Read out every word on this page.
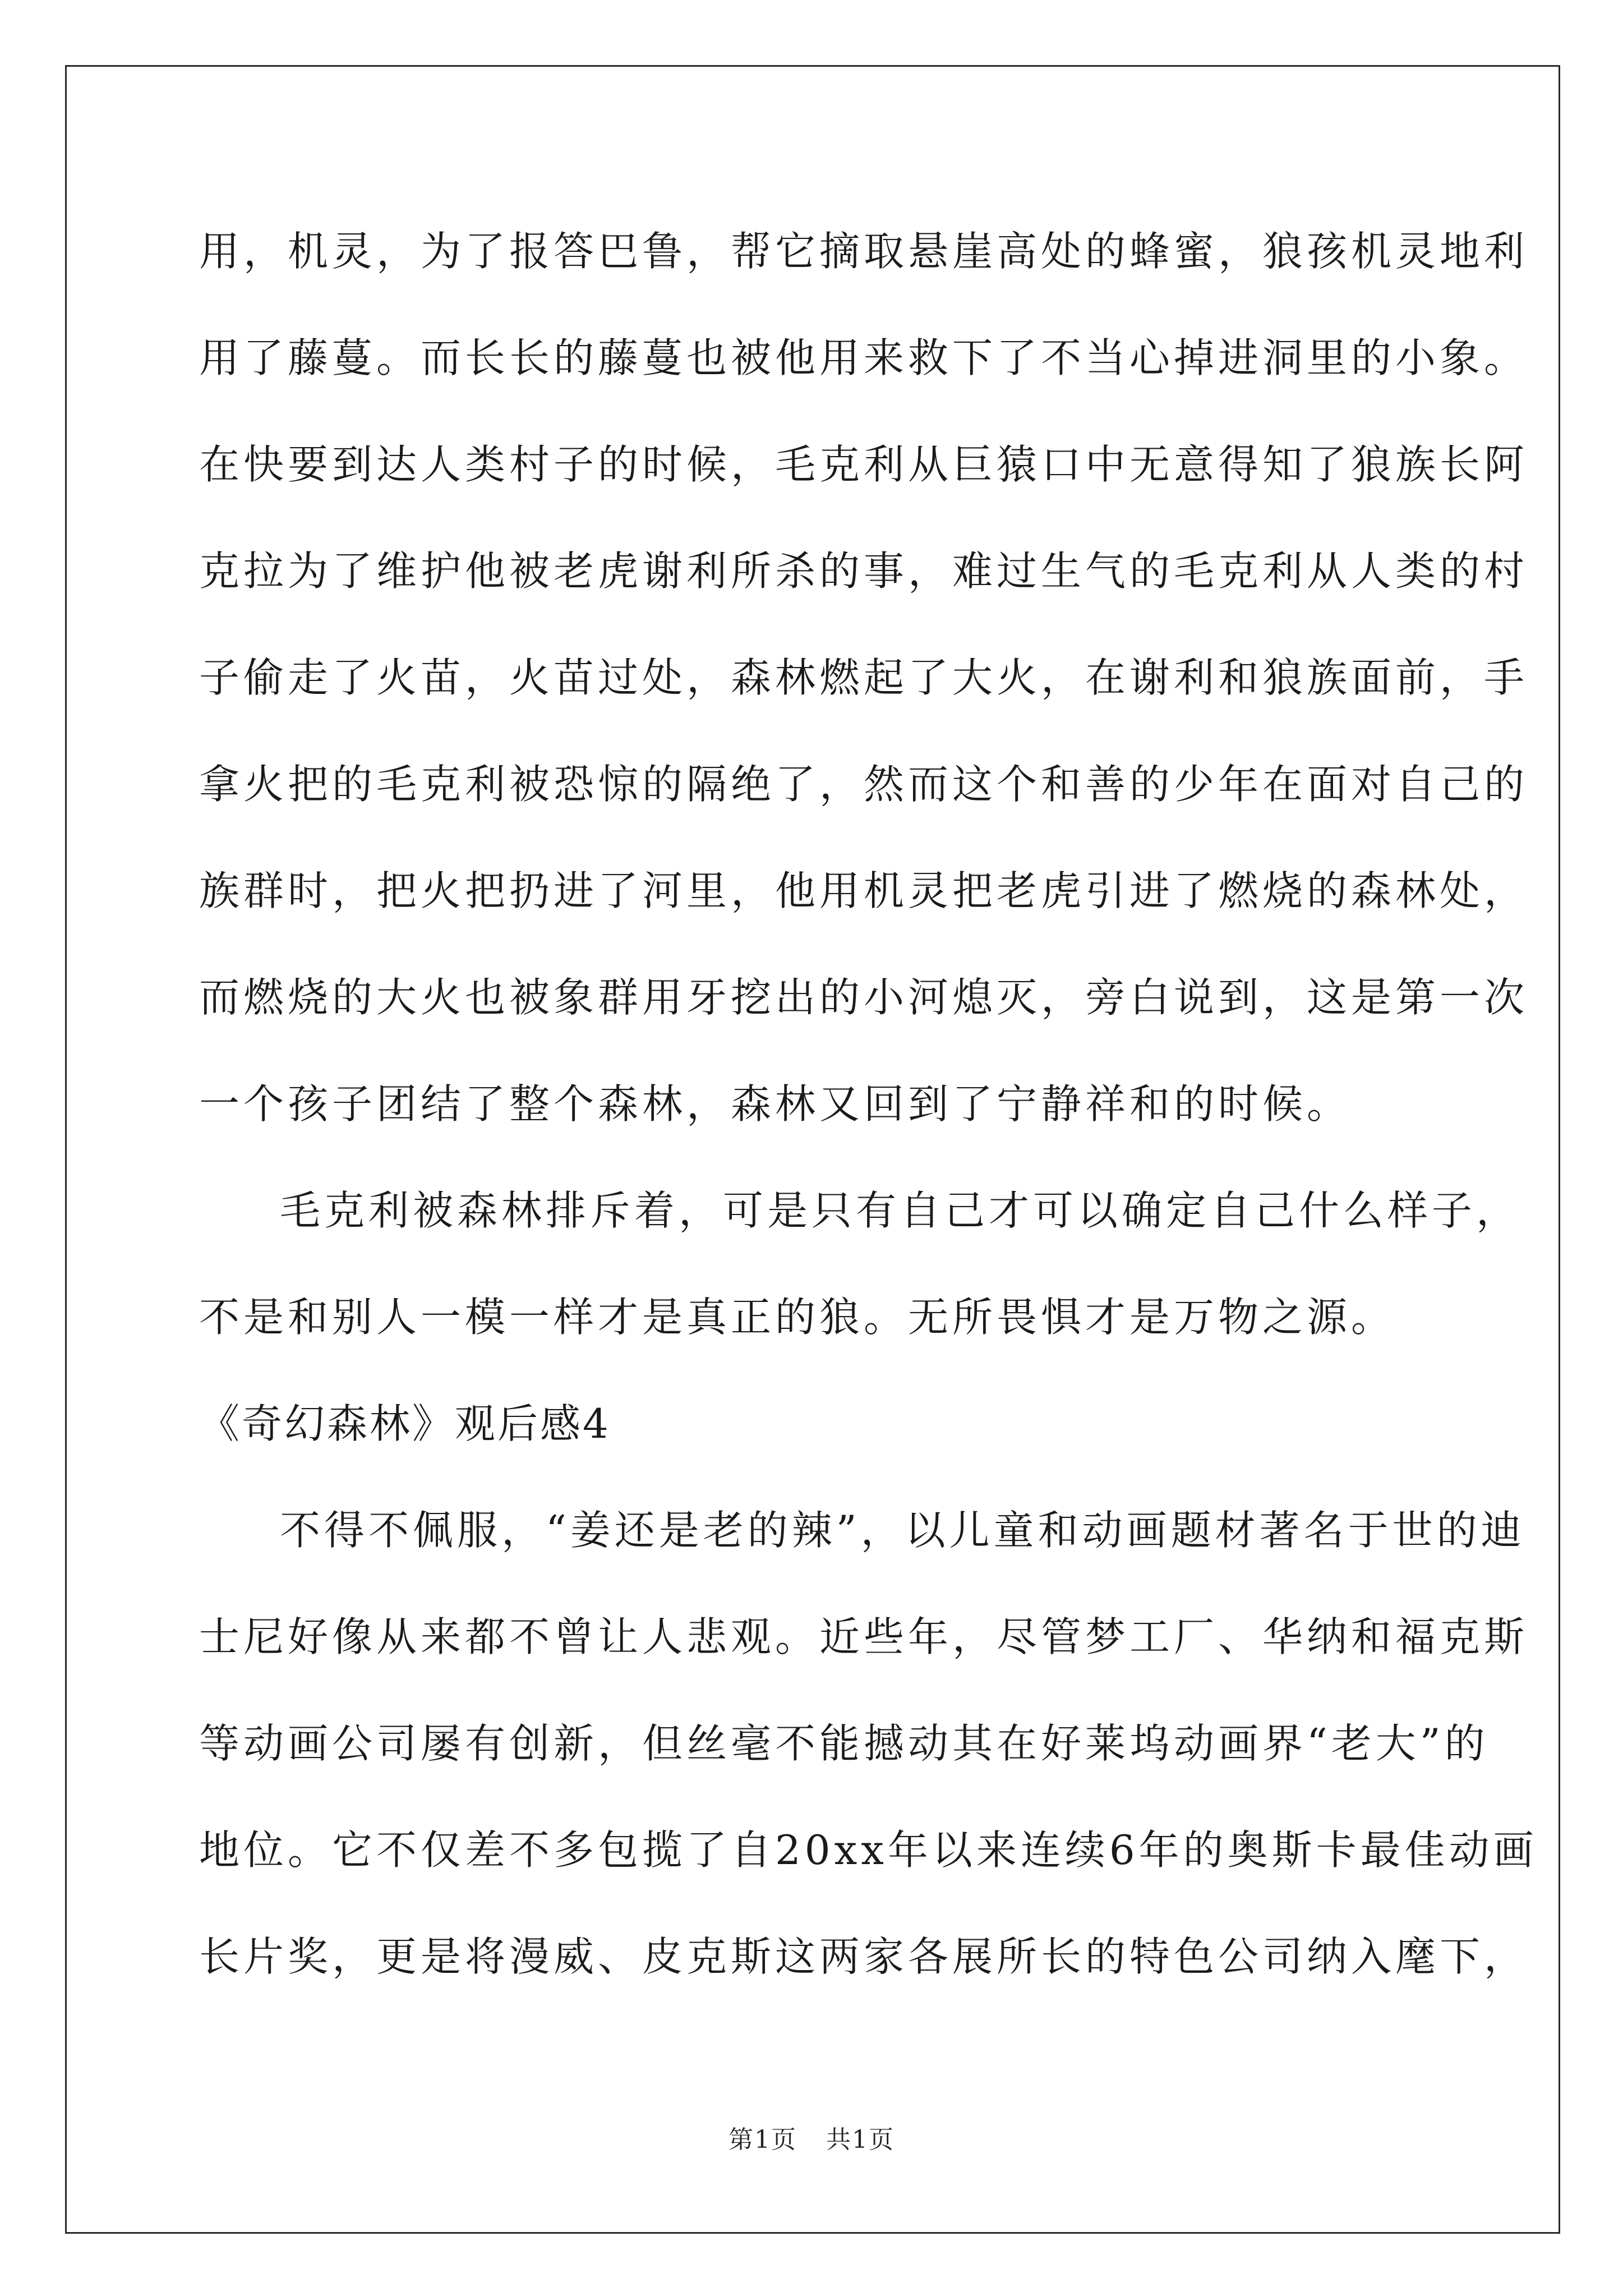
用，机灵，为了报答巴鲁，帮它摘取悬崖高处的蜂蜜，狼孩机灵地利
用了藤蔓。而长长的藤蔓也被他用来救下了不当心掉进洞里的小象。
在快要到达人类村子的时候，毛克利从巨猿口中无意得知了狼族长阿
克拉为了维护他被老虎谢利所杀的事，难过生气的毛克利从人类的村
子偷走了火苗，火苗过处，森林燃起了大火，在谢利和狼族面前，手
拿火把的毛克利被恐惊的隔绝了，然而这个和善的少年在面对自己的
族群时，把火把扔进了河里，他用机灵把老虎引进了燃烧的森林处，
而燃烧的大火也被象群用牙挖出的小河熄灭，旁白说到，这是第一次
一个孩子团结了整个森林，森林又回到了宁静祥和的时候。
毛克利被森林排斥着，可是只有自己才可以确定自己什么样子，
不是和别人一模一样才是真正的狼。无所畏惧才是万物之源。
《奇幻森林》观后感4
不得不佩服，“姜还是老的辣”，以儿童和动画题材著名于世的迪
士尼好像从来都不曾让人悲观。近些年，尽管梦工厂、华纳和福克斯
等动画公司屡有创新，但丝毫不能撼动其在好莱坞动画界“老大”的
地位。它不仅差不多包揽了自20xx年以来连续6年的奥斯卡最佳动画
长片奖，更是将漫威、皮克斯这两家各展所长的特色公司纳入麾下，
第1页 共1页
